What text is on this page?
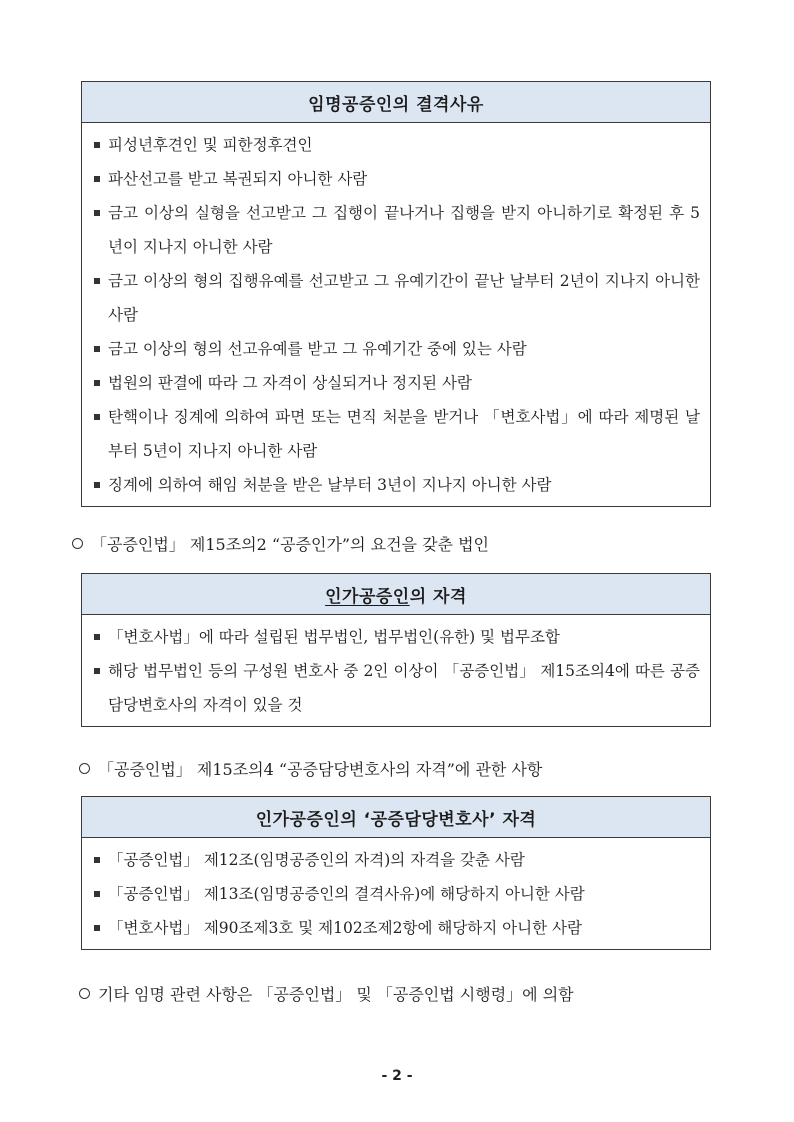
임명공증인의 결격사유
피성년후견인 및 피한정후견인
파산선고를 받고 복권되지 아니한 사람
금고 이상의 실형을 선고받고 그 집행이 끝나거나 집행을 받지 아니하기로 확정된 후 5년이 지나지 아니한 사람
금고 이상의 형의 집행유예를 선고받고 그 유예기간이 끝난 날부터 2년이 지나지 아니한 사람
금고 이상의 형의 선고유예를 받고 그 유예기간 중에 있는 사람
법원의 판결에 따라 그 자격이 상실되거나 정지된 사람
탄핵이나 징계에 의하여 파면 또는 면직 처분을 받거나 「변호사법」에 따라 제명된 날부터 5년이 지나지 아니한 사람
징계에 의하여 해임 처분을 받은 날부터 3년이 지나지 아니한 사람
「공증인법」 제15조의2 “공증인가”의 요건을 갖춘 법인
인가공증인 의 자격
「변호사법」에 따라 설립된 법무법인, 법무법인(유한) 및 법무조합
해당 법무법인 등의 구성원 변호사 중 2인 이상이 「공증인법」 제15조의4에 따른 공증담당변호사의 자격이 있을 것
「공증인법」 제15조의4 “공증담당변호사의 자격”에 관한 사항
인가공증인의 ‘공증담당변호사’ 자격
「공증인법」 제12조(임명공증인의 자격)의 자격을 갖춘 사람
「공증인법」 제13조(임명공증인의 결격사유)에 해당하지 아니한 사람
「변호사법」 제90조제3호 및 제102조제2항에 해당하지 아니한 사람
기타 임명 관련 사항은 「공증인법」 및 「공증인법 시행령」에 의함
- 2 -
